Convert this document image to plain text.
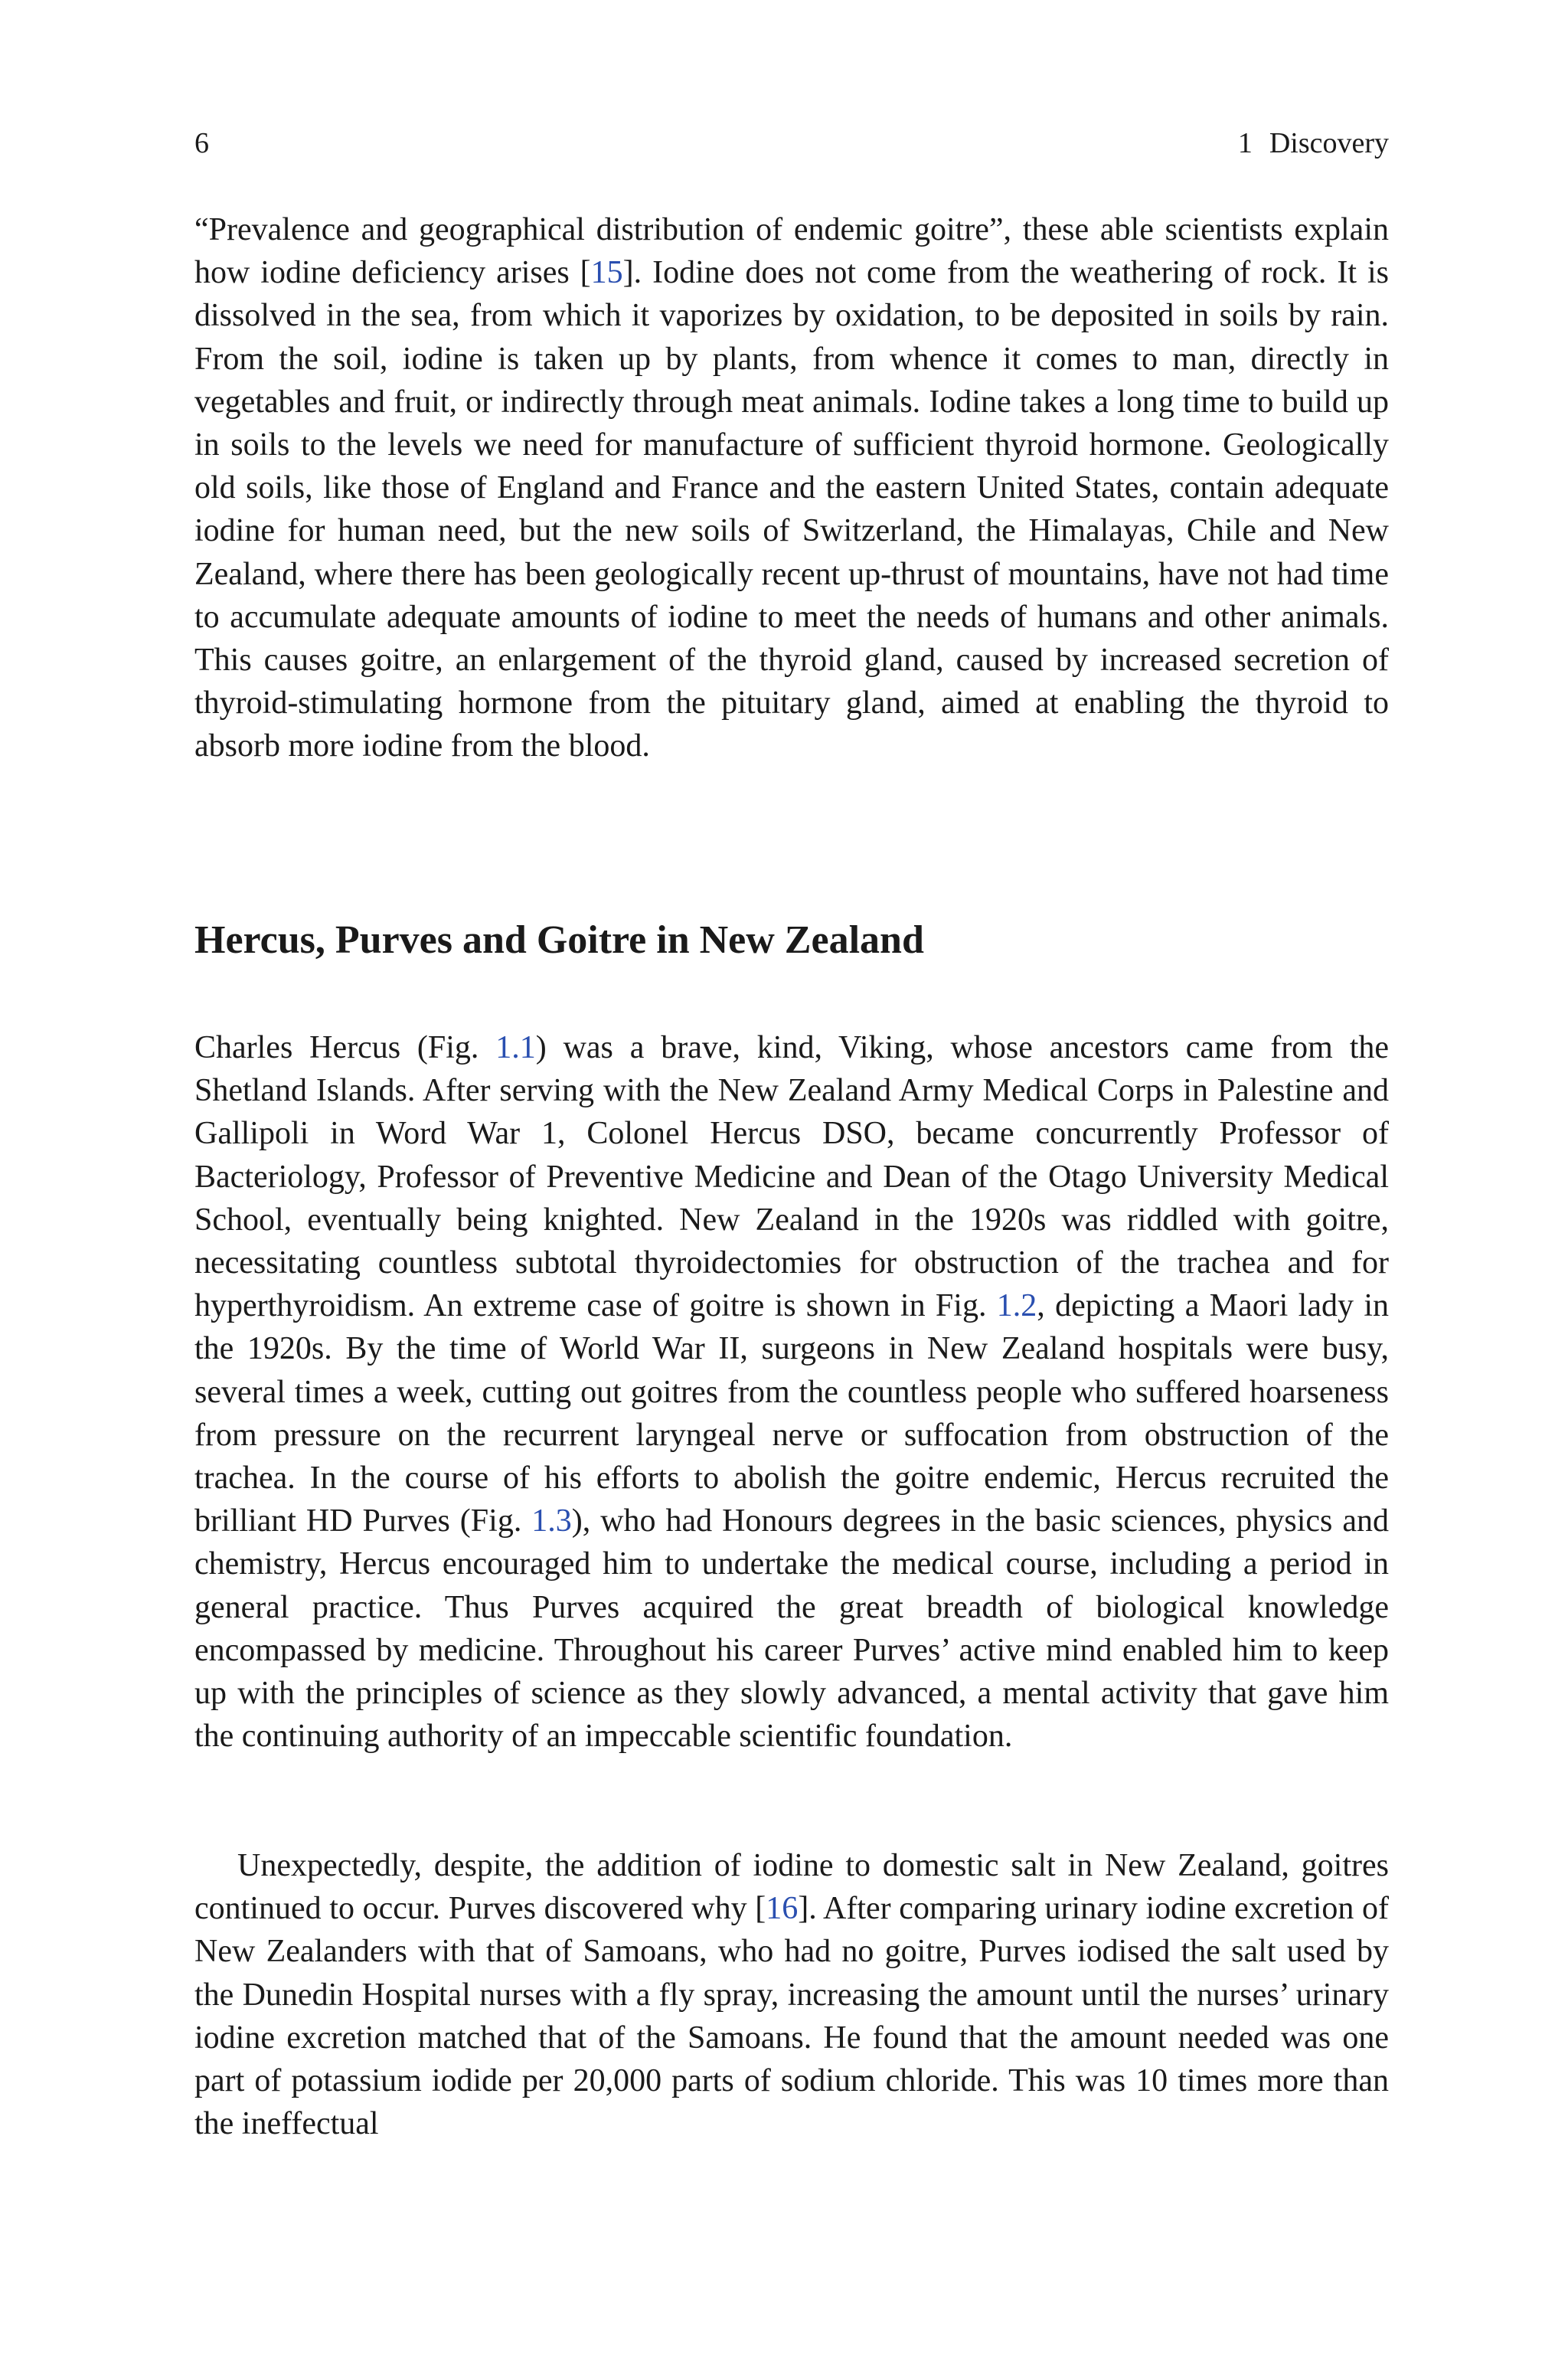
6	1 Discovery

“Prevalence and geographical distribution of endemic goitre”, these able scientists explain how iodine deficiency arises [15]. Iodine does not come from the weathering of rock. It is dissolved in the sea, from which it vaporizes by oxidation, to be deposited in soils by rain. From the soil, iodine is taken up by plants, from whence it comes to man, directly in vegetables and fruit, or indirectly through meat animals. Iodine takes a long time to build up in soils to the levels we need for manufacture of sufficient thyroid hormone. Geologically old soils, like those of England and France and the eastern United States, contain adequate iodine for human need, but the new soils of Switzerland, the Himalayas, Chile and New Zealand, where there has been geologically recent up-thrust of mountains, have not had time to accumulate adequate amounts of iodine to meet the needs of humans and other animals. This causes goitre, an enlargement of the thyroid gland, caused by increased secretion of thyroid-stimulating hormone from the pituitary gland, aimed at enabling the thyroid to absorb more iodine from the blood.

Hercus, Purves and Goitre in New Zealand

Charles Hercus (Fig. 1.1) was a brave, kind, Viking, whose ancestors came from the Shetland Islands. After serving with the New Zealand Army Medical Corps in Palestine and Gallipoli in Word War 1, Colonel Hercus DSO, became concurrently Professor of Bacteriology, Professor of Preventive Medicine and Dean of the Otago University Medical School, eventually being knighted. New Zealand in the 1920s was riddled with goitre, necessitating countless subtotal thyroidectomies for obstruction of the trachea and for hyperthyroidism. An extreme case of goitre is shown in Fig. 1.2, depicting a Maori lady in the 1920s. By the time of World War II, surgeons in New Zealand hospitals were busy, several times a week, cutting out goitres from the countless people who suffered hoarseness from pressure on the recurrent laryngeal nerve or suffocation from obstruction of the trachea. In the course of his efforts to abolish the goitre endemic, Hercus recruited the brilliant HD Purves (Fig. 1.3), who had Honours degrees in the basic sciences, physics and chemistry, Hercus encouraged him to undertake the medical course, including a period in general practice. Thus Purves acquired the great breadth of biological knowledge encompassed by medicine. Throughout his career Purves’ active mind enabled him to keep up with the principles of science as they slowly advanced, a mental activity that gave him the continuing authority of an impeccable scientific foundation.

Unexpectedly, despite, the addition of iodine to domestic salt in New Zealand, goitres continued to occur. Purves discovered why [16]. After comparing urinary iodine excretion of New Zealanders with that of Samoans, who had no goitre, Purves iodised the salt used by the Dunedin Hospital nurses with a fly spray, increasing the amount until the nurses’ urinary iodine excretion matched that of the Samoans. He found that the amount needed was one part of potassium iodide per 20,000 parts of sodium chloride. This was 10 times more than the ineffectual
